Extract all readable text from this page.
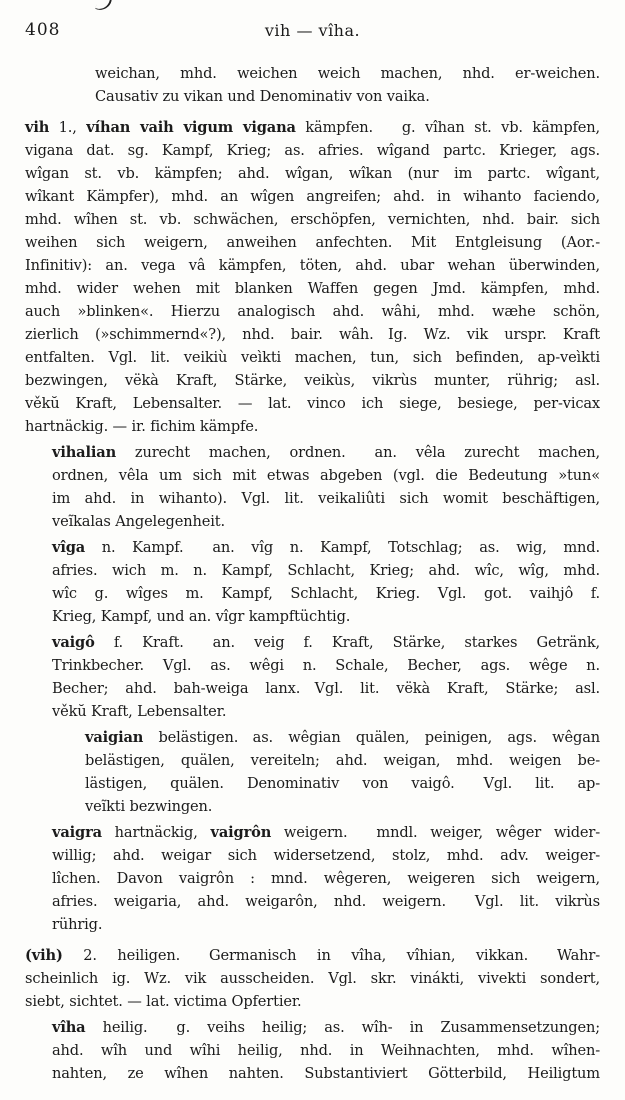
408	vih — vîha.
weichan, mhd. weichen weich machen, nhd. er-weichen.
Causativ zu vikan und Denominativ von vaika.
vih 1., víhan vaih vigum vigana kämpfen.  g. vîhan st. vb. kämpfen,
vigana dat. sg. Kampf, Krieg; as. afries. wîgand partc. Krieger, ags.
wîgan st. vb. kämpfen; ahd. wîgan, wîkan (nur im partc. wîgant,
wîkant Kämpfer), mhd. an wîgen angreifen; ahd. in wihanto faciendo,
mhd. wîhen st. vb. schwächen, erschöpfen, vernichten, nhd. bair. sich
weihen sich weigern, anweihen anfechten. Mit Entgleisung (Aor.-
Infinitiv): an. vega vâ kämpfen, töten, ahd. ubar wehan überwinden,
mhd. wider wehen mit blanken Waffen gegen Jmd. kämpfen, mhd.
auch »blinken«. Hierzu analogisch ahd. wâhi, mhd. wæhe schön,
zierlich (»schimmernd«?), nhd. bair. wâh. Ig. Wz. vik urspr. Kraft
entfalten. Vgl. lit. veikiù veìkti machen, tun, sich befinden, ap-veìkti
bezwingen, vëkà Kraft, Stärke, veikùs, vikrùs munter, rührig; asl.
věkŭ Kraft, Lebensalter. — lat. vinco ich siege, besiege, per-vicax
hartnäckig. — ir. fichim kämpfe.
vihalian zurecht machen, ordnen.  an. vêla zurecht machen,
ordnen, vêla um sich mit etwas abgeben (vgl. die Bedeutung »tun«
im ahd. in wihanto). Vgl. lit. veikaliûti sich womit beschäftigen,
veĩkalas Angelegenheit.
vîga n. Kampf.  an. vîg n. Kampf, Totschlag; as. wig, mnd.
afries. wich m. n. Kampf, Schlacht, Krieg; ahd. wîc, wîg, mhd.
wîc g. wîges m. Kampf, Schlacht, Krieg. Vgl. got. vaihjô f.
Krieg, Kampf, und an. vîgr kampftüchtig.
vaigô f. Kraft.  an. veig f. Kraft, Stärke, starkes Getränk,
Trinkbecher. Vgl. as. wêgi n. Schale, Becher, ags. wêge n.
Becher; ahd. bah-weiga lanx. Vgl. lit. vëkà Kraft, Stärke; asl.
věkŭ Kraft, Lebensalter.
vaigian belästigen. as. wêgian quälen, peinigen, ags. wêgan
belästigen, quälen, vereiteln; ahd. weigan, mhd. weigen be-
lästigen, quälen. Denominativ von vaigô.  Vgl. lit. ap-
veĩkti bezwingen.
vaigra hartnäckig, vaigrôn weigern.  mndl. weiger, wêger wider-
willig; ahd. weigar sich widersetzend, stolz, mhd. adv. weiger-
lîchen. Davon vaigrôn : mnd. wêgeren, weigeren sich weigern,
afries. weigaria, ahd. weigarôn, nhd. weigern.  Vgl. lit. vikrùs
rührig.
(vih) 2. heiligen.  Germanisch in vîha, vîhian, vikkan.  Wahr-
scheinlich ig. Wz. vik ausscheiden. Vgl. skr. vinákti, vivekti sondert,
siebt, sichtet. — lat. victima Opfertier.
vîha heilig.  g. veihs heilig; as. wîh- in Zusammensetzungen;
ahd. wîh und wîhi heilig, nhd. in Weihnachten, mhd. wîhen-
nahten, ze wîhen nahten. Substantiviert Götterbild, Heiligtum
